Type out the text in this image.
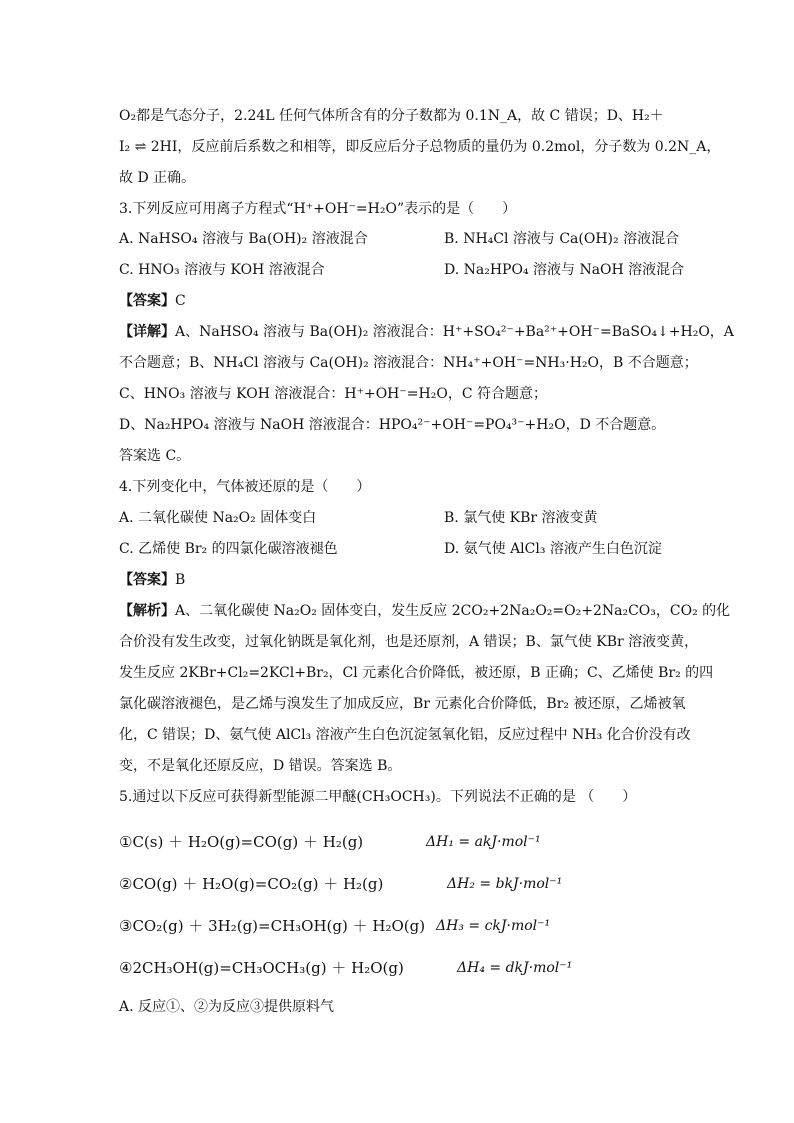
O₂都是气态分子，2.24L 任何气体所含有的分子数都为 0.1N_A，故 C 错误；D、H₂＋
I₂ ⇌ 2HI，反应前后系数之和相等，即反应后分子总物质的量仍为 0.2mol，分子数为 0.2N_A，
故 D 正确。
3.下列反应可用离子方程式“H⁺+OH⁻=H₂O”表示的是（　　）
A. NaHSO₄ 溶液与 Ba(OH)₂ 溶液混合	B. NH₄Cl 溶液与 Ca(OH)₂ 溶液混合
C. HNO₃ 溶液与 KOH 溶液混合	D. Na₂HPO₄ 溶液与 NaOH 溶液混合
【答案】C
【详解】A、NaHSO₄ 溶液与 Ba(OH)₂ 溶液混合：H⁺+SO₄²⁻+Ba²⁺+OH⁻=BaSO₄↓+H₂O，A
不合题意；B、NH₄Cl 溶液与 Ca(OH)₂ 溶液混合：NH₄⁺+OH⁻=NH₃·H₂O，B 不合题意；
C、HNO₃ 溶液与 KOH 溶液混合：H⁺+OH⁻=H₂O，C 符合题意；
D、Na₂HPO₄ 溶液与 NaOH 溶液混合：HPO₄²⁻+OH⁻=PO₄³⁻+H₂O，D 不合题意。
答案选 C。
4.下列变化中，气体被还原的是（　　）
A. 二氧化碳使 Na₂O₂ 固体变白	B. 氯气使 KBr 溶液变黄
C. 乙烯使 Br₂ 的四氯化碳溶液褪色	D. 氨气使 AlCl₃ 溶液产生白色沉淀
【答案】B
【解析】A、二氧化碳使 Na₂O₂ 固体变白，发生反应 2CO₂+2Na₂O₂=O₂+2Na₂CO₃，CO₂ 的化
合价没有发生改变，过氧化钠既是氧化剂，也是还原剂，A 错误；B、氯气使 KBr 溶液变黄，
发生反应 2KBr+Cl₂=2KCl+Br₂，Cl 元素化合价降低，被还原，B 正确；C、乙烯使 Br₂ 的四
氯化碳溶液褪色，是乙烯与溴发生了加成反应，Br 元素化合价降低，Br₂ 被还原，乙烯被氧
化，C 错误；D、氨气使 AlCl₃ 溶液产生白色沉淀氢氧化铝，反应过程中 NH₃ 化合价没有改
变，不是氧化还原反应，D 错误。答案选 B。
5.通过以下反应可获得新型能源二甲醚(CH₃OCH₃)。下列说法不正确的是 （　　）
①C(s) ＋ H₂O(g)=CO(g) ＋ H₂(g)	ΔH₁ = akJ·mol⁻¹
②CO(g) ＋ H₂O(g)=CO₂(g) ＋ H₂(g)	ΔH₂ = bkJ·mol⁻¹
③CO₂(g) ＋ 3H₂(g)=CH₃OH(g) ＋ H₂O(g) ΔH₃ = ckJ·mol⁻¹
④2CH₃OH(g)=CH₃OCH₃(g) ＋ H₂O(g)	ΔH₄ = dkJ·mol⁻¹
A. 反应①、②为反应③提供原料气
